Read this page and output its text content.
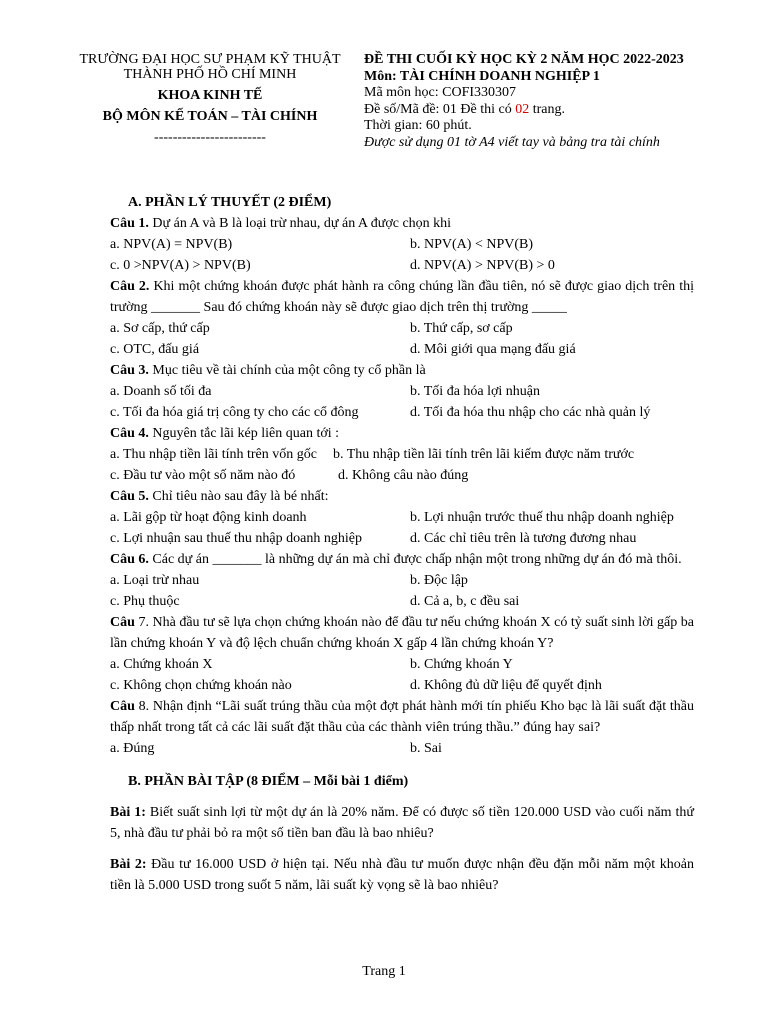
TRƯỜNG ĐẠI HỌC SƯ PHẠM KỸ THUẬT
THÀNH PHỐ HỒ CHÍ MINH
KHOA KINH TẾ
BỘ MÔN KẾ TOÁN – TÀI CHÍNH
------------------------
ĐỀ THI CUỐI KỲ HỌC KỲ 2 NĂM HỌC 2022-2023
Môn: TÀI CHÍNH DOANH NGHIỆP 1
Mã môn học: COFI330307
Đề số/Mã đề: 01 Đề thi có 02 trang.
Thời gian: 60 phút.
Được sử dụng 01 tờ A4 viết tay và bảng tra tài chính
A. PHẦN LÝ THUYẾT (2 ĐIỂM)
Câu 1. Dự án A và B là loại trừ nhau, dự án A được chọn khi
a. NPV(A) = NPV(B)	b. NPV(A) < NPV(B)
c. 0 >NPV(A) > NPV(B)	d. NPV(A) > NPV(B) > 0
Câu 2. Khi một chứng khoán được phát hành ra công chúng lần đầu tiên, nó sẽ được giao dịch trên thị trường _______ Sau đó chứng khoán này sẽ được giao dịch trên thị trường _____
a. Sơ cấp, thứ cấp	b. Thứ cấp, sơ cấp
c. OTC, đấu giá	d. Môi giới qua mạng đấu giá
Câu 3. Mục tiêu về tài chính của một công ty cổ phần là
a. Doanh số tối đa	b. Tối đa hóa lợi nhuận
c. Tối đa hóa giá trị công ty cho các cổ đông	d. Tối đa hóa thu nhập cho các nhà quản lý
Câu 4. Nguyên tắc lãi kép liên quan tới :
a. Thu nhập tiền lãi tính trên vốn gốc b. Thu nhập tiền lãi tính trên lãi kiếm được năm trước
c. Đầu tư vào một số năm nào đó	d. Không câu nào đúng
Câu 5. Chỉ tiêu nào sau đây là bé nhất:
a. Lãi gộp từ hoạt động kinh doanh	b. Lợi nhuận trước thuế thu nhập doanh nghiệp
c. Lợi nhuận sau thuế thu nhập doanh nghiệp	d. Các chỉ tiêu trên là tương đương nhau
Câu 6. Các dự án _______ là những dự án mà chỉ được chấp nhận một trong những dự án đó mà thôi.
a. Loại trừ nhau	b. Độc lập
c. Phụ thuộc	d. Cả a, b, c đều sai
Câu 7. Nhà đầu tư sẽ lựa chọn chứng khoán nào để đầu tư nếu chứng khoán X có tỷ suất sinh lời gấp ba lần chứng khoán Y và độ lệch chuẩn chứng khoán X gấp 4 lần chứng khoán Y?
a. Chứng khoán X	b. Chứng khoán Y
c. Không chọn chứng khoán nào	d. Không đủ dữ liệu để quyết định
Câu 8. Nhận định “Lãi suất trúng thầu của một đợt phát hành mới tín phiếu Kho bạc là lãi suất đặt thầu thấp nhất trong tất cả các lãi suất đặt thầu của các thành viên trúng thầu.” đúng hay sai?
a. Đúng	b. Sai
B. PHẦN BÀI TẬP (8 ĐIỂM – Mỗi bài 1 điểm)
Bài 1: Biết suất sinh lợi từ một dự án là 20% năm. Để có được số tiền 120.000 USD vào cuối năm thứ 5, nhà đầu tư phải bỏ ra một số tiền ban đầu là bao nhiêu?
Bài 2: Đầu tư 16.000 USD ở hiện tại. Nếu nhà đầu tư muốn được nhận đều đặn mỗi năm một khoản tiền là 5.000 USD trong suốt 5 năm, lãi suất kỳ vọng sẽ là bao nhiêu?
Trang 1
